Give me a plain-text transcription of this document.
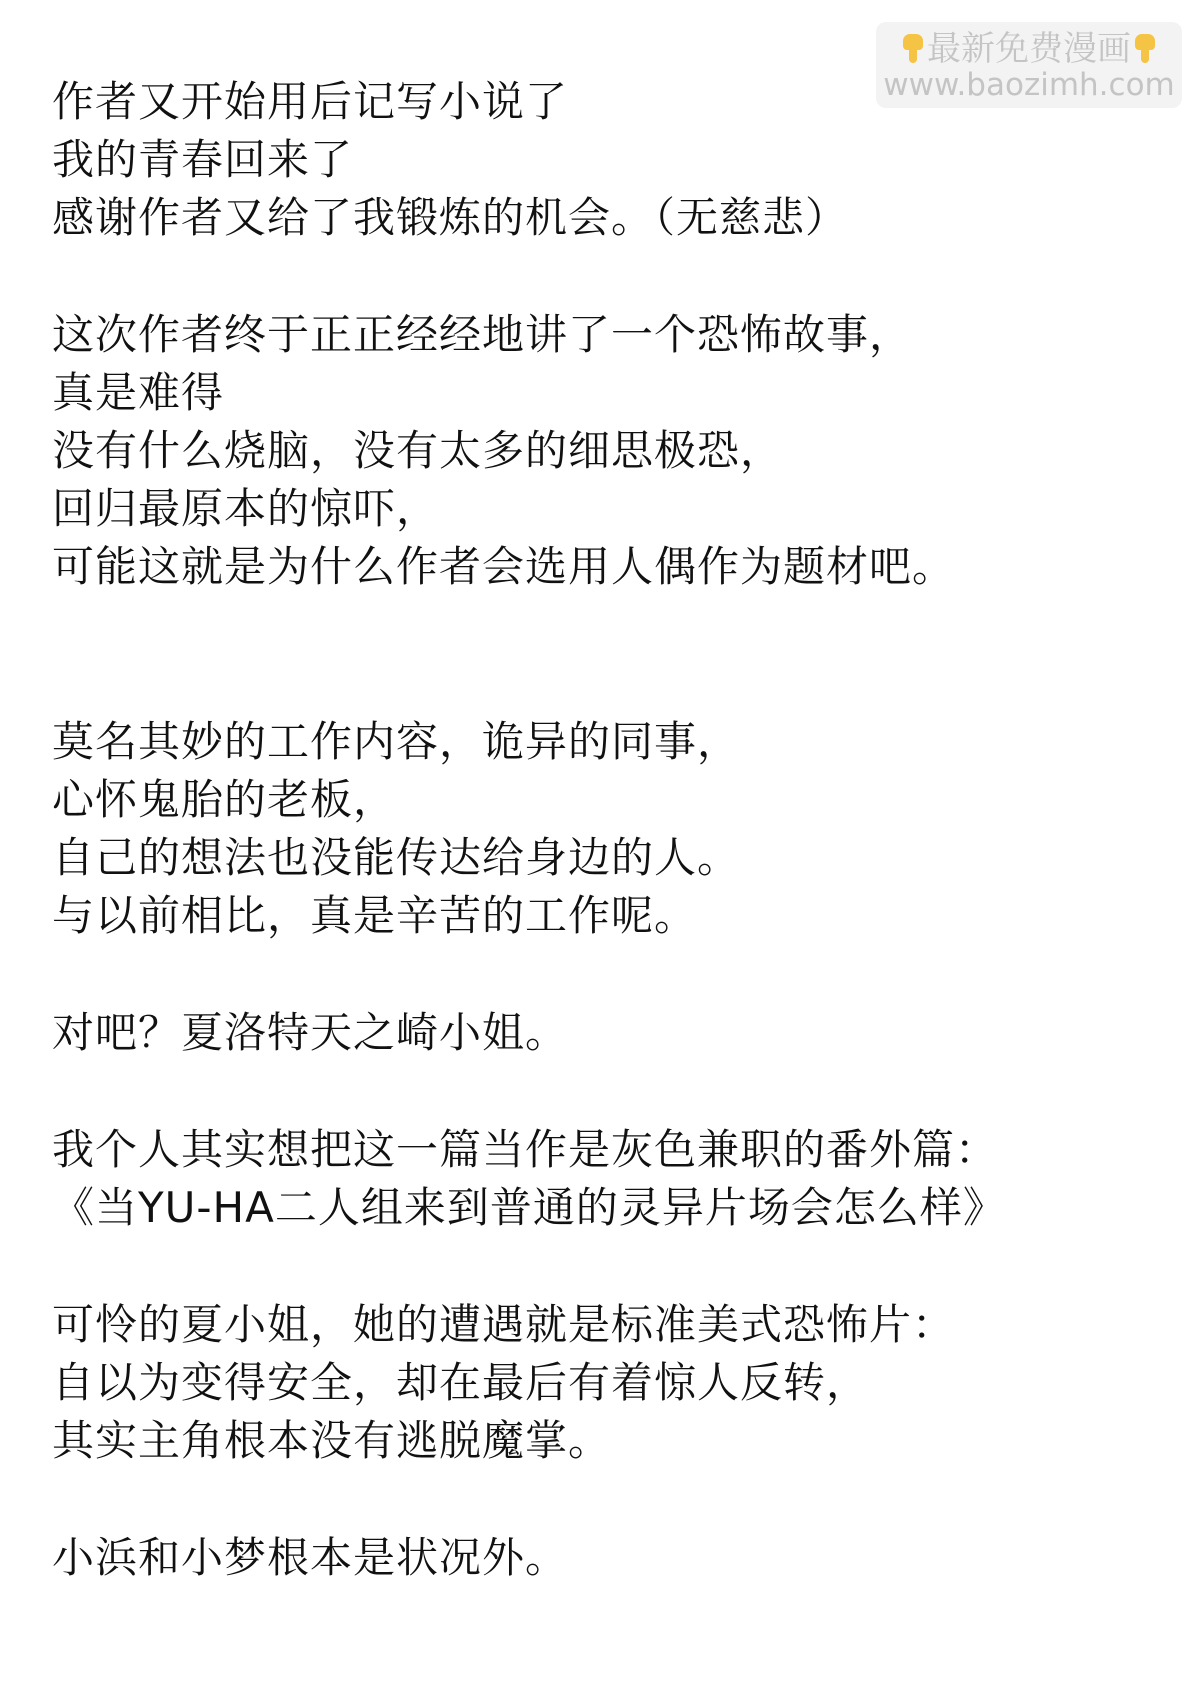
最新免费漫画
www.baozimh.com
作者又开始用后记写小说了
我的青春回来了
感谢作者又给了我锻炼的机会。（无慈悲）
这次作者终于正正经经地讲了一个恐怖故事，
真是难得
没有什么烧脑，没有太多的细思极恐，
回归最原本的惊吓，
可能这就是为什么作者会选用人偶作为题材吧。
莫名其妙的工作内容，诡异的同事，
心怀鬼胎的老板，
自己的想法也没能传达给身边的人。
与以前相比，真是辛苦的工作呢。
对吧？夏洛特天之崎小姐。
我个人其实想把这一篇当作是灰色兼职的番外篇：
《当YU-HA二人组来到普通的灵异片场会怎么样》
可怜的夏小姐，她的遭遇就是标准美式恐怖片：
自以为变得安全，却在最后有着惊人反转，
其实主角根本没有逃脱魔掌。
小浜和小梦根本是状况外。
